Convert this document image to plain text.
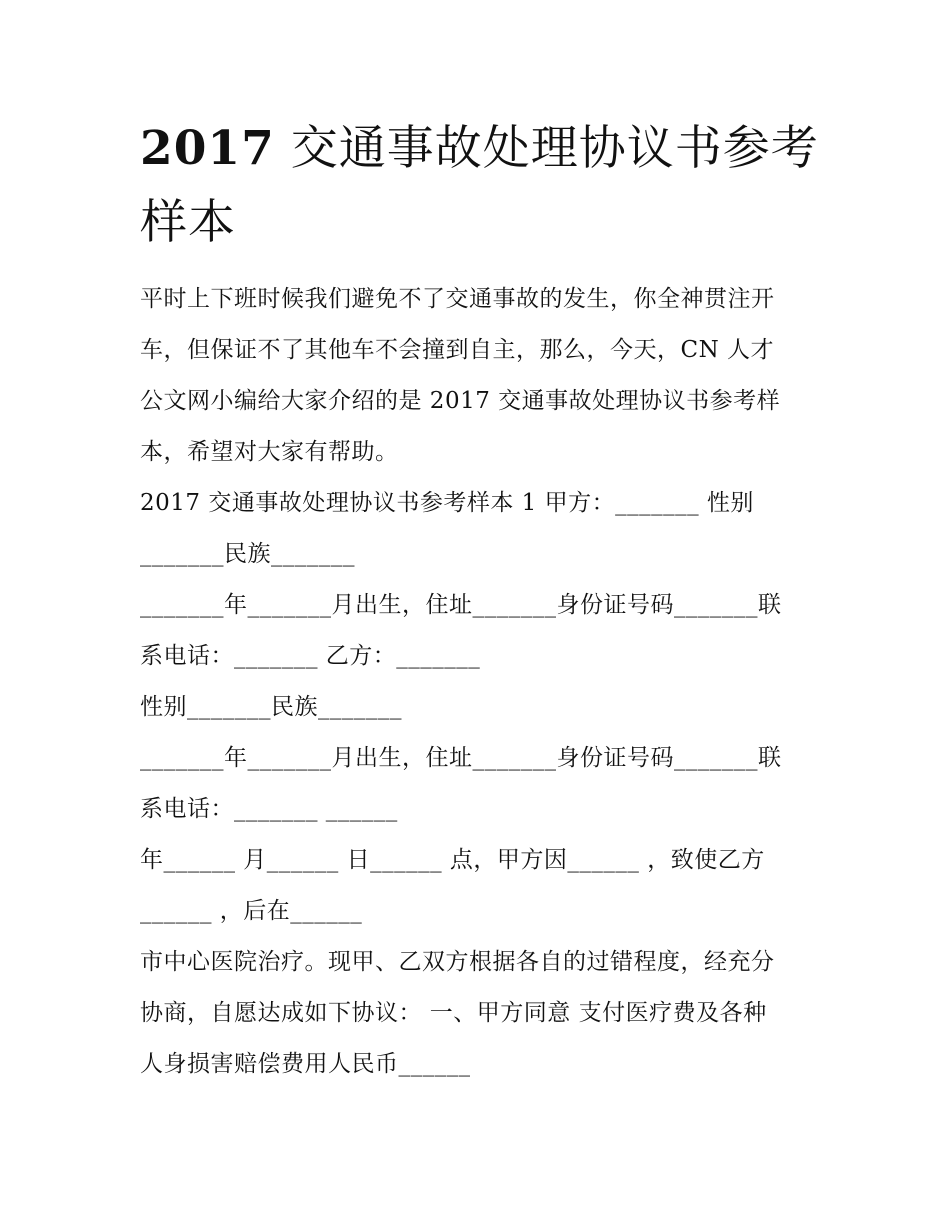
2017 交通事故处理协议书参考
样本
平时上下班时候我们避免不了交通事故的发生，你全神贯注开
车，但保证不了其他车不会撞到自主，那么，今天，CN 人才
公文网小编给大家介绍的是 2017 交通事故处理协议书参考样
本，希望对大家有帮助。
2017 交通事故处理协议书参考样本 1 甲方：_______ 性别
_______民族_______
_______年_______月出生，住址_______身份证号码_______联
系电话：_______ 乙方：_______
性别_______民族_______
_______年_______月出生，住址_______身份证号码_______联
系电话：_______ ______
年______ 月______ 日______ 点，甲方因______ ，致使乙方
______ ，后在______
市中心医院治疗。现甲、乙双方根据各自的过错程度，经充分
协商，自愿达成如下协议： 一、甲方同意 支付医疗费及各种
人身损害赔偿费用人民币______
